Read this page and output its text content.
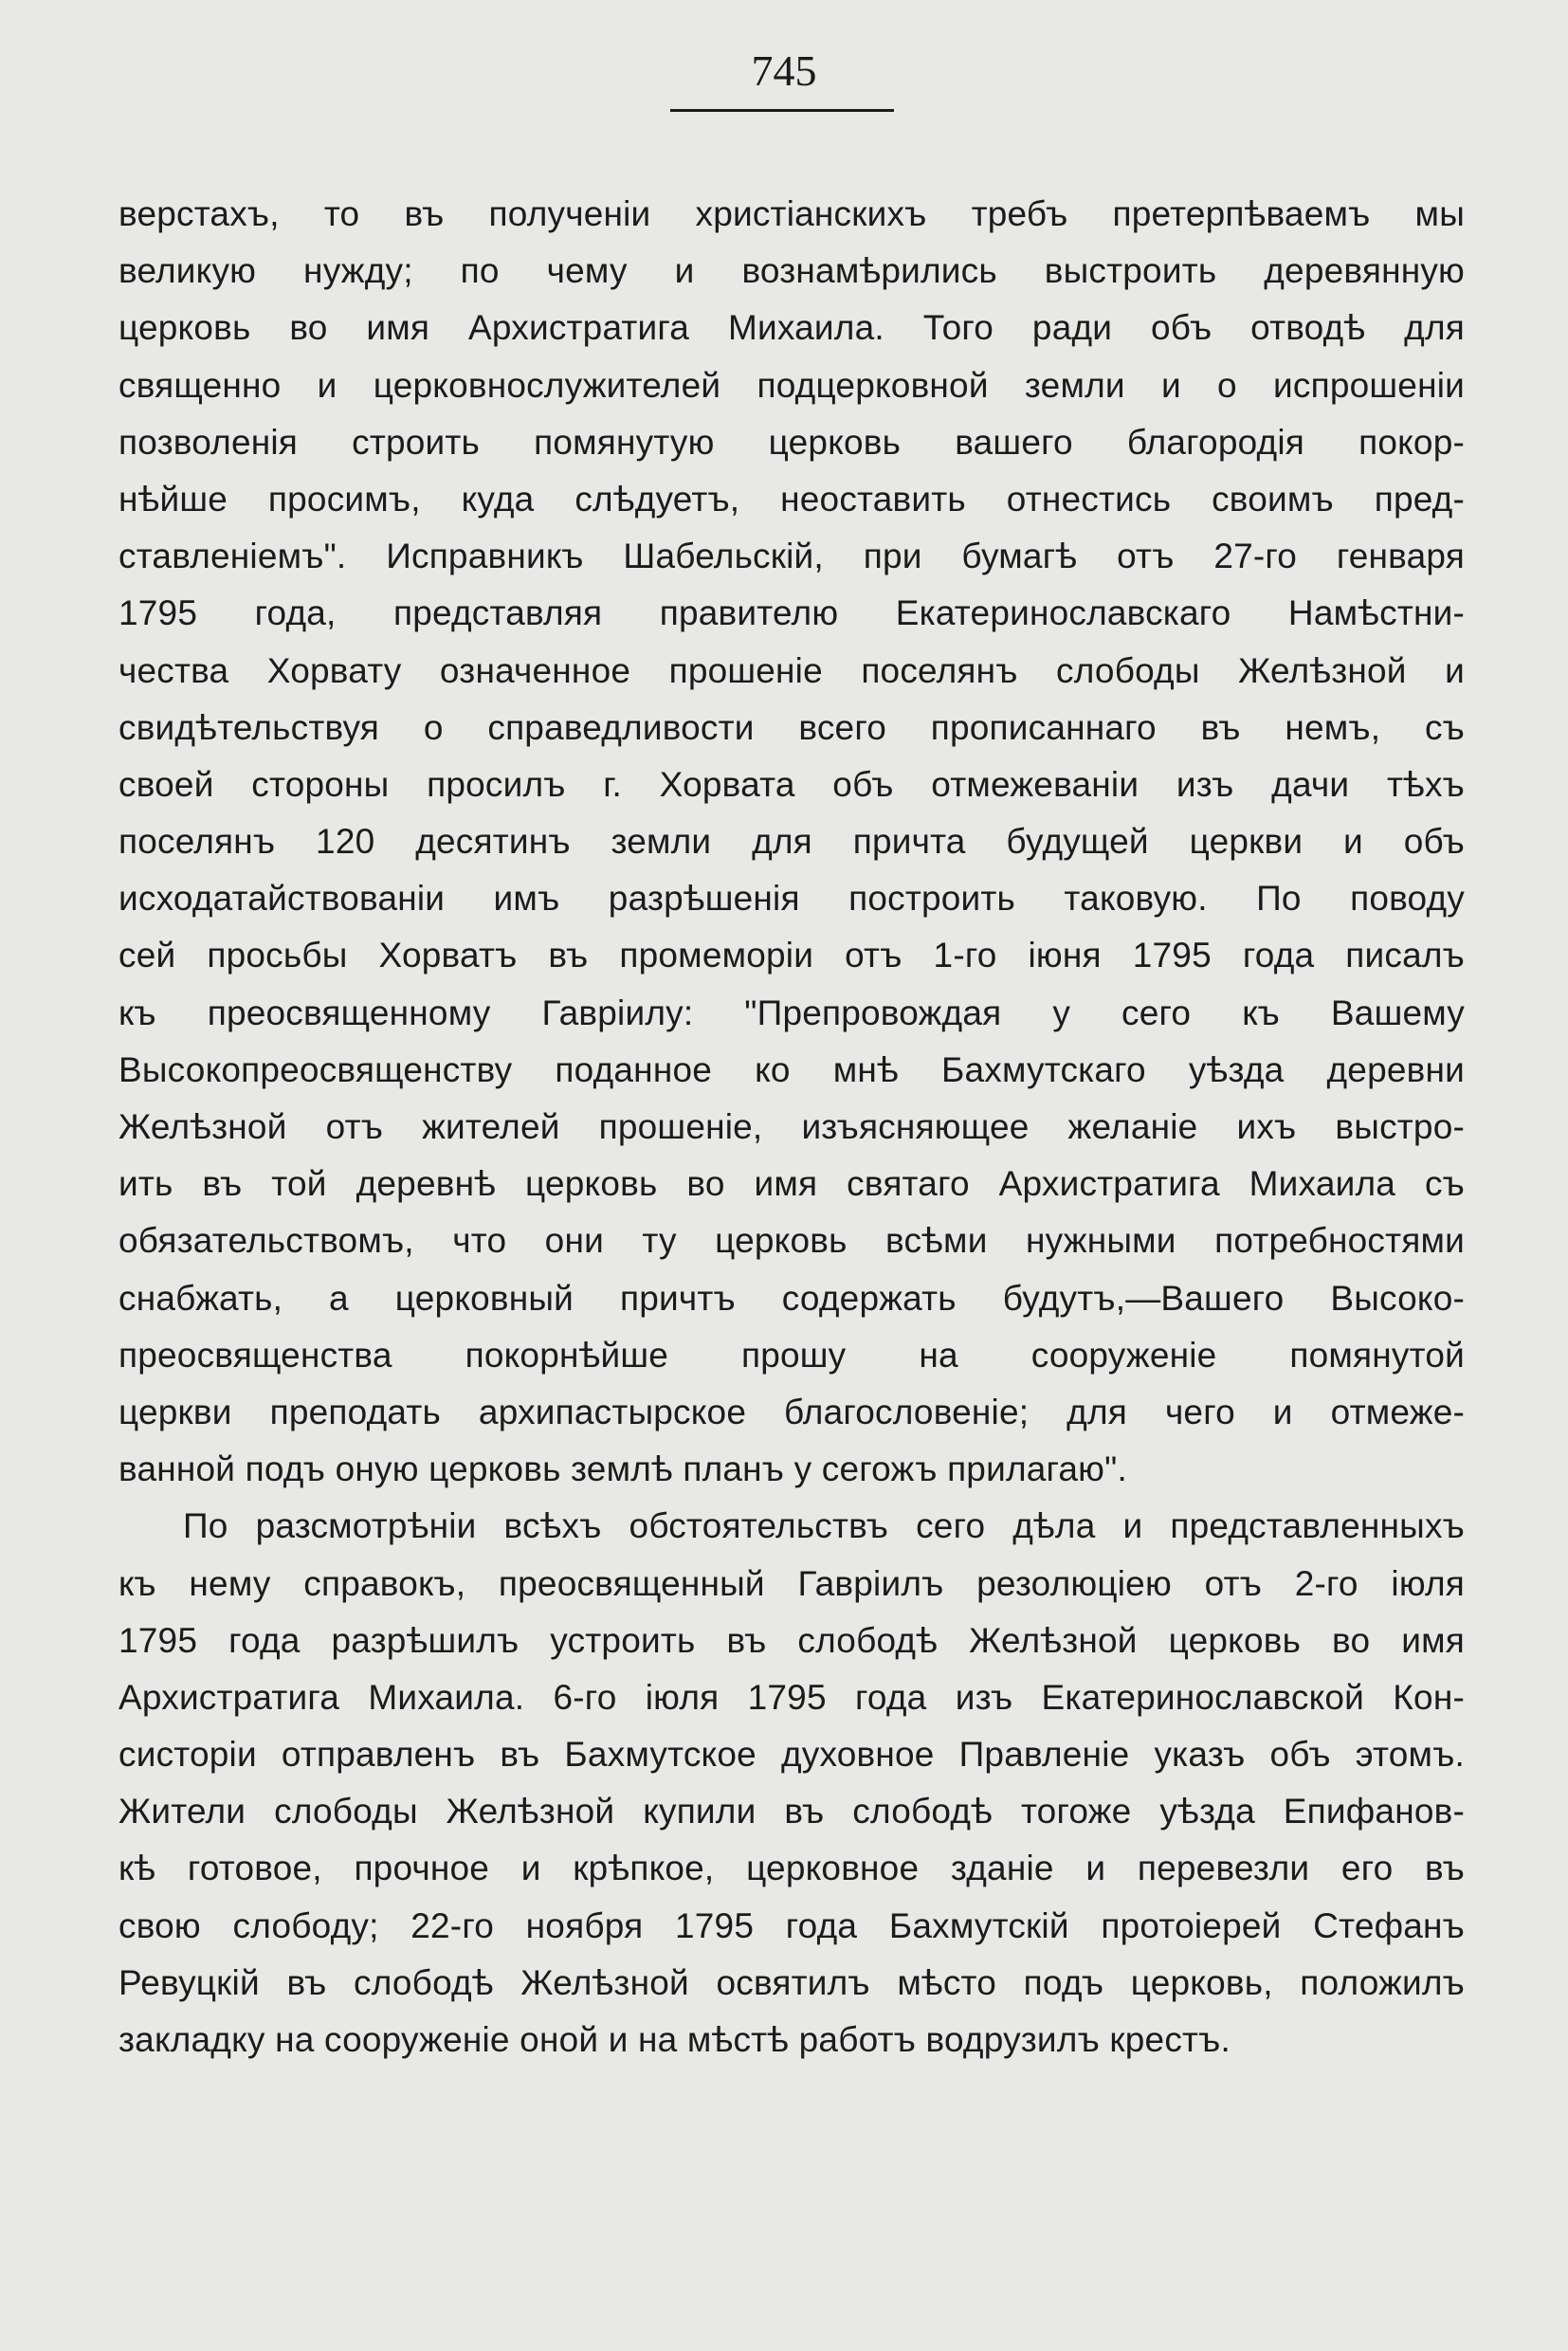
745
верстахъ, то въ полученіи христіанскихъ требъ претерпѣваемъ мы
великую нужду; по чему и вознамѣрились выстроить деревянную
церковь во имя Архистратига Михаила. Того ради объ отводѣ для
священно и церковнослужителей подцерковной земли и о испрошеніи
позволенія строить помянутую церковь вашего благородія покор-
нѣйше просимъ, куда слѣдуетъ, неоставить отнестись своимъ пред-
ставленіемъ". Исправникъ Шабельскій, при бумагѣ отъ 27-го генваря
1795 года, представляя правителю Екатеринославскаго Намѣстни-
чества Хорвату означенное прошеніе поселянъ слободы Желѣзной и
свидѣтельствуя о справедливости всего прописаннаго въ немъ, съ
своей стороны просилъ г. Хорвата объ отмежеваніи изъ дачи тѣхъ
поселянъ 120 десятинъ земли для причта будущей церкви и объ
исходатайствованіи имъ разрѣшенія построить таковую. По поводу
сей просьбы Хорватъ въ промеморіи отъ 1-го іюня 1795 года писалъ
къ преосвященному Гавріилу: "Препровождая у сего къ Вашему
Высокопреосвященству поданное ко мнѣ Бахмутскаго уѣзда деревни
Желѣзной отъ жителей прошеніе, изъясняющее желаніе ихъ выстро-
ить въ той деревнѣ церковь во имя святаго Архистратига Михаила съ
обязательствомъ, что они ту церковь всѣми нужными потребностями
снабжать, а церковный причтъ содержать будутъ,—Вашего Высоко-
преосвященства покорнѣйше прошу на сооруженіе помянутой
церкви преподать архипастырское благословеніе; для чего и отмеже-
ванной подъ оную церковь землѣ планъ у сегожъ прилагаю".
По разсмотрѣніи всѣхъ обстоятельствъ сего дѣла и представленныхъ
къ нему справокъ, преосвященный Гавріилъ резолюціею отъ 2-го іюля
1795 года разрѣшилъ устроить въ слободѣ Желѣзной церковь во имя
Архистратига Михаила. 6-го іюля 1795 года изъ Екатеринославской Кон-
систоріи отправленъ въ Бахмутское духовное Правленіе указъ объ этомъ.
Жители слободы Желѣзной купили въ слободѣ тогоже уѣзда Епифанов-
кѣ готовое, прочное и крѣпкое, церковное зданіе и перевезли его въ
свою слободу; 22-го ноября 1795 года Бахмутскій протоіерей Стефанъ
Ревуцкій въ слободѣ Желѣзной освятилъ мѣсто подъ церковь, положилъ
закладку на сооруженіе оной и на мѣстѣ работъ водрузилъ крестъ.
